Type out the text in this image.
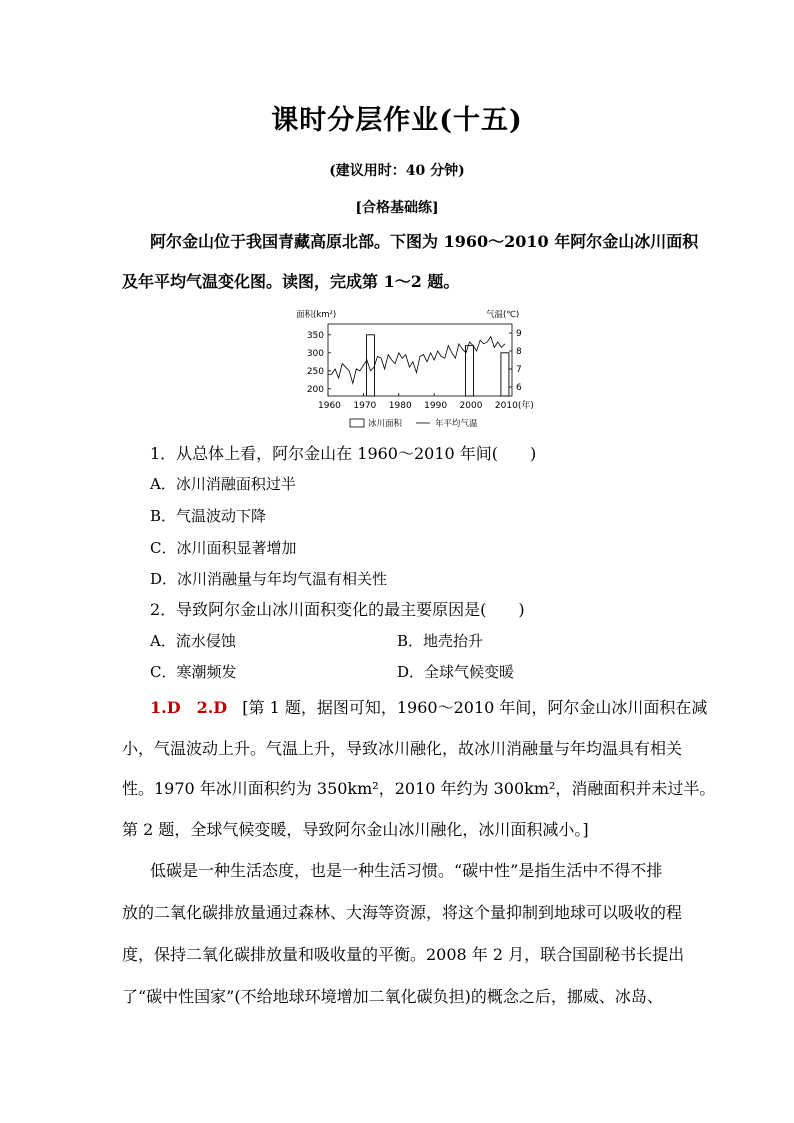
课时分层作业(十五)
(建议用时：40 分钟)
[合格基础练]
阿尔金山位于我国青藏高原北部。下图为 1960～2010 年阿尔金山冰川面积
及年平均气温变化图。读图，完成第 1～2 题。
面积(km²)	气温(℃)
350
300
250
200
9
8
7
6
1960 1970 1980 1990 2000 2010(年)
冰川面积	年平均气温
1．从总体上看，阿尔金山在 1960～2010 年间(　　)
A．冰川消融面积过半
B．气温波动下降
C．冰川面积显著增加
D．冰川消融量与年均气温有相关性
2．导致阿尔金山冰川面积变化的最主要原因是(　　)
A．流水侵蚀	B．地壳抬升
C．寒潮频发	D．全球气候变暖
1.D　2.D [第 1 题，据图可知，1960～2010 年间，阿尔金山冰川面积在减
小，气温波动上升。气温上升，导致冰川融化，故冰川消融量与年均温具有相关
性。1970 年冰川面积约为 350km²，2010 年约为 300km²，消融面积并未过半。
第 2 题，全球气候变暖，导致阿尔金山冰川融化，冰川面积减小。]
低碳是一种生活态度，也是一种生活习惯。“碳中性”是指生活中不得不排
放的二氧化碳排放量通过森林、大海等资源，将这个量抑制到地球可以吸收的程
度，保持二氧化碳排放量和吸收量的平衡。2008 年 2 月，联合国副秘书长提出
了“碳中性国家”(不给地球环境增加二氧化碳负担)的概念之后，挪威、冰岛、
